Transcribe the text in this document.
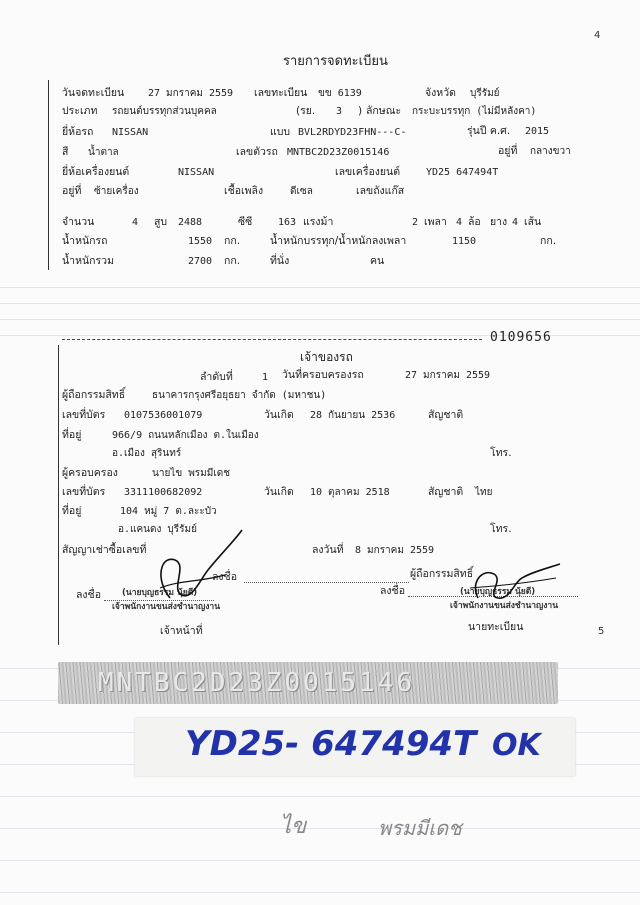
4
5
รายการจดทะเบียน
วันจดทะเบียน 27 มกราคม 2559 เลขทะเบียน ขข 6139	จังหวัด บุรีรัมย์
ประเภท รถยนต์บรรทุกส่วนบุคคล	(รย. 3 ) ลักษณะ กระบะบรรทุก (ไม่มีหลังคา)
ยี่ห้อรถ NISSAN	แบบ BVL2RDYD23FHN---C-	รุ่นปี ค.ศ. 2015
สี น้ำตาล	เลขตัวรถ MNTBC2D23Z0015146	อยู่ที่ กลางขวา
ยี่ห้อเครื่องยนต์	NISSAN	เลขเครื่องยนต์	YD25 647494T
อยู่ที่ ซ้ายเครื่อง	เชื้อเพลิง	ดีเซล	เลขถังแก๊ส
จำนวน	4 สูบ 2488	ซีซี	163 แรงม้า	2 เพลา 4 ล้อ ยาง 4 เส้น
น้ำหนักรถ	1550 กก.	น้ำหนักบรรทุก/น้ำหนักลงเพลา	1150	กก.
น้ำหนักรวม	2700 กก.	ที่นั่ง	คน
0109656
เจ้าของรถ
ลำดับที่	1 วันที่ครอบครองรถ	27 มกราคม 2559
ผู้ถือกรรมสิทธิ์	ธนาคารกรุงศรีอยุธยา จำกัด (มหาชน)
เลขที่บัตร 0107536001079	วันเกิด 28 กันยายน 2536	สัญชาติ
ที่อยู่	966/9 ถนนหลักเมือง ต.ในเมือง
อ.เมือง สุรินทร์	โทร.
ผู้ครอบครอง	นายไข พรมมีเดช
เลขที่บัตร 3311100682092	วันเกิด 10 ตุลาคม 2518	สัญชาติ ไทย
ที่อยู่	104 หมู่ 7 ต.ละะบัว
อ.แคนดง บุรีรัมย์	โทร.
สัญญาเช่าซื้อเลขที่	ลงวันที่ 8 มกราคม 2559
ลงชื่อ	ผู้ถือกรรมสิทธิ์
ลงชื่อ	ลงชื่อ
(นายบุญธรรม นุ้ยดี)
เจ้าพนักงานขนส่งชำนาญงาน
(นายบุญธรรม นุ้ยดี)
เจ้าพนักงานขนส่งชำนาญงาน
เจ้าหน้าที่	นายทะเบียน
MNTBC2D23Z0015146
YD25- 647494T OK
ไข	พรมมีเดช
